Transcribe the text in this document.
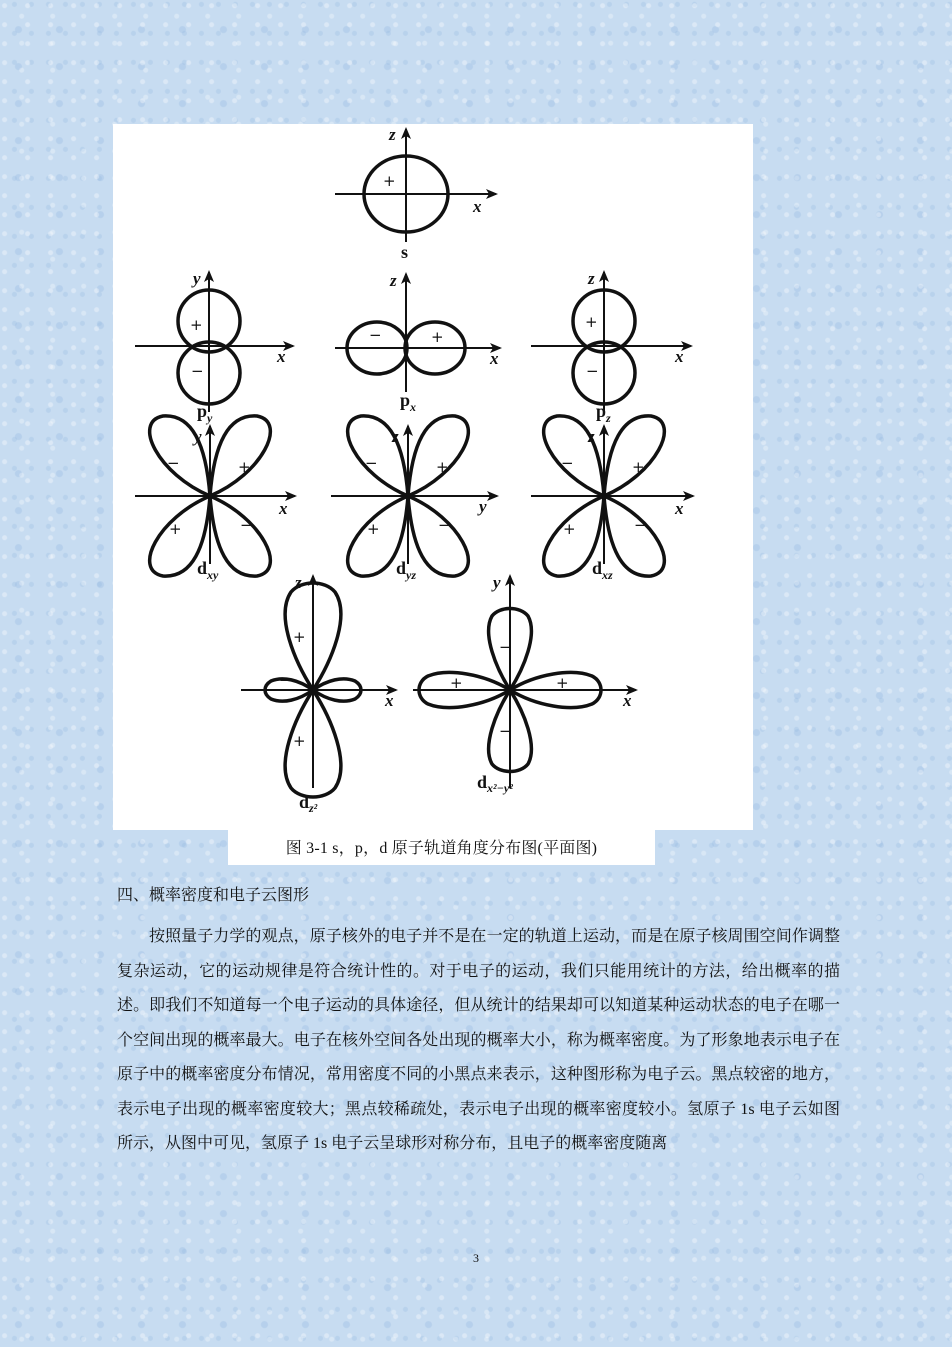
z
x
+
s
y
x
+
−
$p_y$
z
x
−	+
$p_x$
z
x
+
−
$p_z$
−	+
+	−
y
x
$d_{xy}$
−	+
+	−
z
y
$d_{yz}$
−	+
+	−
z
x
$d_{xz}$
+
−
+
z
x
$d_{z^2}$
−
+	+
−
y
x
$d_{x^2-y^2}$
图 3-1 s，p，d 原子轨道角度分布图(平面图)
四、概率密度和电子云图形

按照量子力学的观点，原子核外的电子并不是在一定的轨道上运动，而是在原子核周围空间作调整复杂运动，它的运动规律是符合统计性的。对于电子的运动，我们只能用统计的方法，给出概率的描述。即我们不知道每一个电子运动的具体途径，但从统计的结果却可以知道某种运动状态的电子在哪一个空间出现的概率最大。电子在核外空间各处出现的概率大小，称为概率密度。为了形象地表示电子在原子中的概率密度分布情况，常用密度不同的小黑点来表示，这种图形称为电子云。黑点较密的地方，表示电子出现的概率密度较大；黑点较稀疏处，表示电子出现的概率密度较小。氢原子 1s 电子云如图所示，从图中可见，氢原子 1s 电子云呈球形对称分布，且电子的概率密度随离

3
